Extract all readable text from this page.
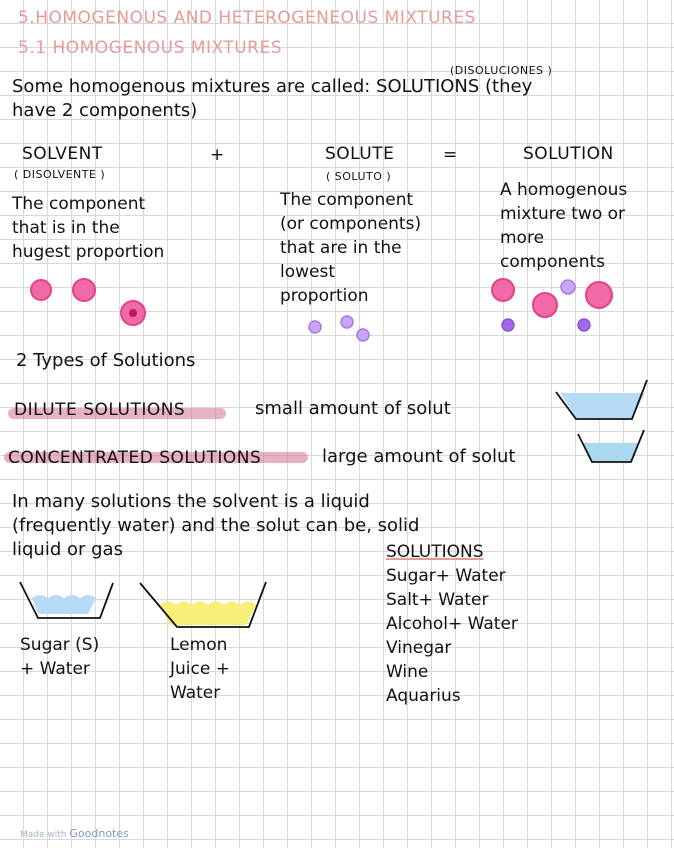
5.HOMOGENOUS AND HETEROGENEOUS MIXTURES
5.1 HOMOGENOUS MIXTURES
(DISOLUCIONES )
Some homogenous mixtures are called: SOLUTIONS (they
have 2 components)
SOLVENT	+	SOLUTE	=	SOLUTION
( DISOLVENTE )	( SOLUTO )
The component
that is in the
hugest proportion
The component
(or components)
that are in the
lowest
proportion
A homogenous
mixture two or
more
components
2 Types of Solutions
DILUTE SOLUTIONS	small amount of solut
CONCENTRATED SOLUTIONS	large amount of solut
In many solutions the solvent is a liquid
(frequently water) and the solut can be, solid
liquid or gas
Sugar (S)
+ Water
Lemon
Juice +
Water
SOLUTIONS
Sugar+ Water
Salt+ Water
Alcohol+ Water
Vinegar
Wine
Aquarius
Made with Goodnotes
